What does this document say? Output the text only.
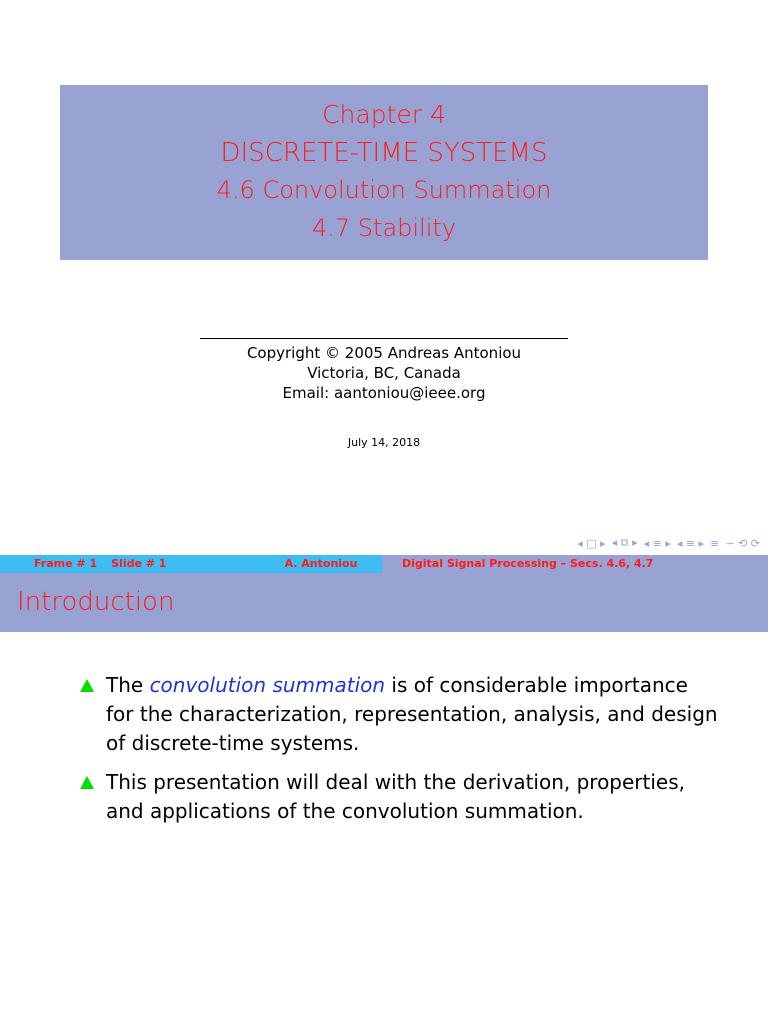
Chapter 4
DISCRETE-TIME SYSTEMS
4.6 Convolution Summation
4.7 Stability
Copyright © 2005 Andreas Antoniou
Victoria, BC, Canada
Email: aantoniou@ieee.org
July 14, 2018
◂ □ ▸ ◂ ⧉ ▸ ◂ ≡ ▸ ◂ ≡ ▸ ≡ ∽ ⟲ ⟳
Frame # 1 Slide # 1	A. Antoniou	Digital Signal Processing – Secs. 4.6, 4.7
Introduction
The convolution summation is of considerable importance for the characterization, representation, analysis, and design of discrete-time systems.
This presentation will deal with the derivation, properties, and applications of the convolution summation.
